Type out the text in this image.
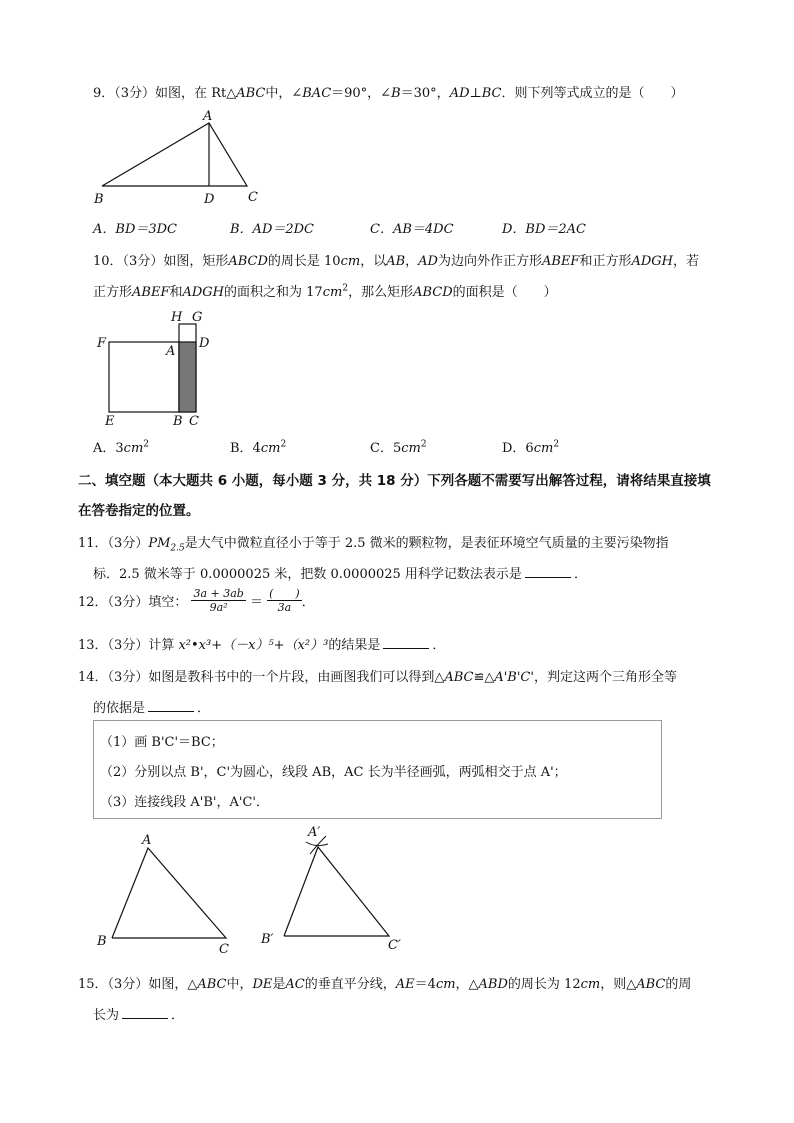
9．（3分）如图，在 Rt△ABC中，∠BAC＝90°，∠B＝30°，AD⊥BC．则下列等式成立的是（　　）
A
B	D	C
A．BD＝3DC	B．AD＝2DC	C．AB＝4DC	D．BD＝2AC
10．（3分）如图，矩形ABCD的周长是 10cm，以AB，AD为边向外作正方形ABEF和正方形ADGH，若
正方形ABEF和ADGH的面积之和为 $17cm^2$，那么矩形ABCD的面积是（　　）
H G
F
A
D
E	B C
A．$3cm^2$	B．$4cm^2$	C．$5cm^2$	D．$6cm^2$
二、填空题（本大题共 6 小题，每小题 3 分，共 18 分）下列各题不需要写出解答过程，请将结果直接填
在答卷指定的位置。
11．（3分）$PM_{2.5}$是大气中微粒直径小于等于 2.5 微米的颗粒物，是表征环境空气质量的主要污染物指
标．2.5 微米等于 0.0000025 米，把数 0.0000025 用科学记数法表示是	．
12．（3分）填空： $\frac{3a + 3ab}{\text{9a²}} = \frac{( )}{3a}$ ．
13．（3分）计算 x²•x³+（－x）⁵+（x²）³的结果是	．
14．（3分）如图是教科书中的一个片段，由画图我们可以得到△ABC≌△A'B'C'，判定这两个三角形全等
的依据是	．
（1）画 B'C'＝BC；
（2）分别以点 B'，C'为圆心，线段 AB，AC 长为半径画弧，两弧相交于点 A'；
（3）连接线段 A'B'，A'C'．
A
B
C
A′
B′	C′
15．（3分）如图，△ABC中，DE是AC的垂直平分线，AE＝4cm，△ABD的周长为 12cm，则△ABC的周
长为	．
